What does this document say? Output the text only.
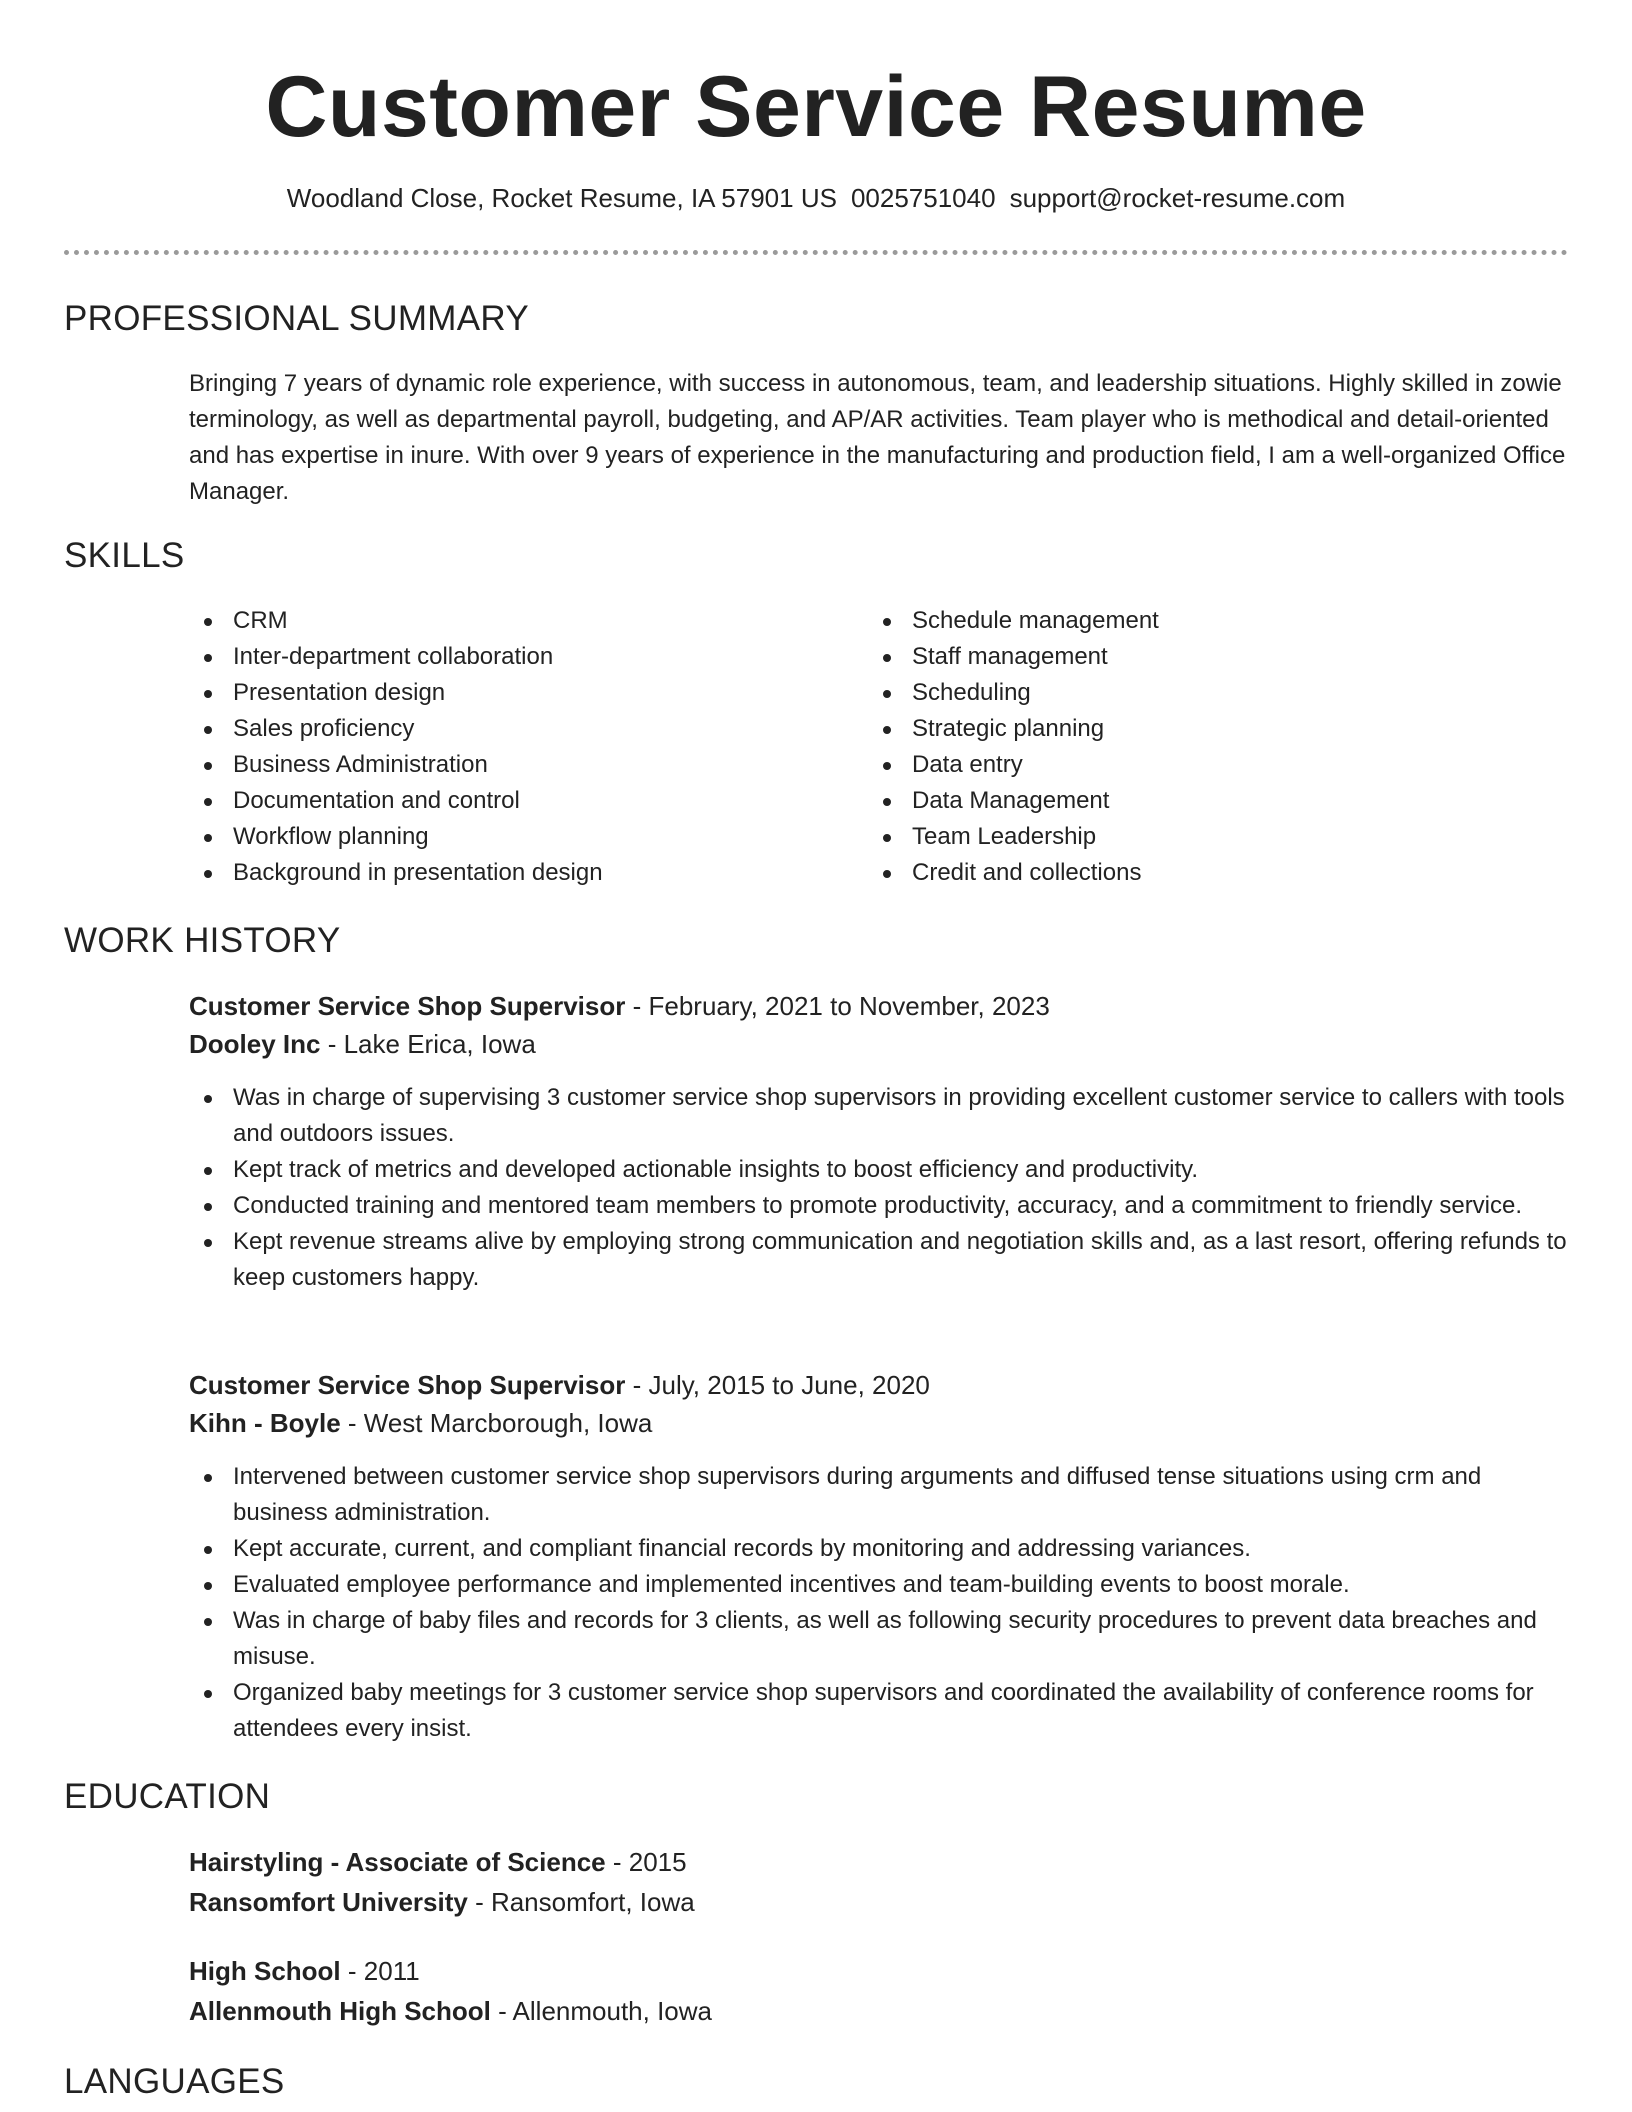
Customer Service Resume
Woodland Close, Rocket Resume, IA 57901 US 0025751040 support@rocket-resume.com
PROFESSIONAL SUMMARY
Bringing 7 years of dynamic role experience, with success in autonomous, team, and leadership situations. Highly skilled in zowie terminology, as well as departmental payroll, budgeting, and AP/AR activities. Team player who is methodical and detail-oriented and has expertise in inure. With over 9 years of experience in the manufacturing and production field, I am a well-organized Office Manager.
SKILLS
CRM
Inter-department collaboration
Presentation design
Sales proficiency
Business Administration
Documentation and control
Workflow planning
Background in presentation design
Schedule management
Staff management
Scheduling
Strategic planning
Data entry
Data Management
Team Leadership
Credit and collections
WORK HISTORY
Customer Service Shop Supervisor - February, 2021 to November, 2023
Dooley Inc - Lake Erica, Iowa
Was in charge of supervising 3 customer service shop supervisors in providing excellent customer service to callers with tools and outdoors issues.
Kept track of metrics and developed actionable insights to boost efficiency and productivity.
Conducted training and mentored team members to promote productivity, accuracy, and a commitment to friendly service.
Kept revenue streams alive by employing strong communication and negotiation skills and, as a last resort, offering refunds to keep customers happy.
Customer Service Shop Supervisor - July, 2015 to June, 2020
Kihn - Boyle - West Marcborough, Iowa
Intervened between customer service shop supervisors during arguments and diffused tense situations using crm and business administration.
Kept accurate, current, and compliant financial records by monitoring and addressing variances.
Evaluated employee performance and implemented incentives and team-building events to boost morale.
Was in charge of baby files and records for 3 clients, as well as following security procedures to prevent data breaches and misuse.
Organized baby meetings for 3 customer service shop supervisors and coordinated the availability of conference rooms for attendees every insist.
EDUCATION
Hairstyling - Associate of Science - 2015
Ransomfort University - Ransomfort, Iowa
High School - 2011
Allenmouth High School - Allenmouth, Iowa
LANGUAGES
